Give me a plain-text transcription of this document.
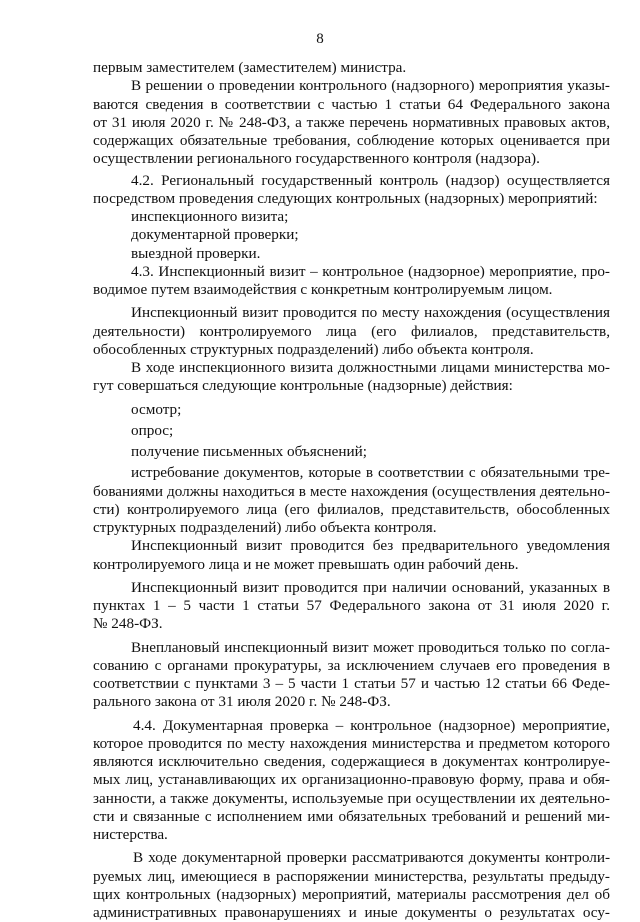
8
первым заместителем (заместителем) министра.
В решении о проведении контрольного (надзорного) мероприятия указы-
ваются сведения в соответствии с частью 1 статьи 64 Федерального закона
от 31 июля 2020 г. № 248-ФЗ, а также перечень нормативных правовых актов,
содержащих обязательные требования, соблюдение которых оценивается при
осуществлении регионального государственного контроля (надзора).
4.2. Региональный государственный контроль (надзор) осуществляется
посредством проведения следующих контрольных (надзорных) мероприятий:
инспекционного визита;
документарной проверки;
выездной проверки.
4.3. Инспекционный визит – контрольное (надзорное) мероприятие, про-
водимое путем взаимодействия с конкретным контролируемым лицом.
Инспекционный визит проводится по месту нахождения (осуществления
деятельности) контролируемого лица (его филиалов, представительств,
обособленных структурных подразделений) либо объекта контроля.
В ходе инспекционного визита должностными лицами министерства мо-
гут совершаться следующие контрольные (надзорные) действия:
осмотр;
опрос;
получение письменных объяснений;
истребование документов, которые в соответствии с обязательными тре-
бованиями должны находиться в месте нахождения (осуществления деятельно-
сти) контролируемого лица (его филиалов, представительств, обособленных
структурных подразделений) либо объекта контроля.
Инспекционный визит проводится без предварительного уведомления
контролируемого лица и не может превышать один рабочий день.
Инспекционный визит проводится при наличии оснований, указанных в
пунктах 1 – 5 части 1 статьи 57 Федерального закона от 31 июля 2020 г.
№ 248-ФЗ.
Внеплановый инспекционный визит может проводиться только по согла-
сованию с органами прокуратуры, за исключением случаев его проведения в
соответствии с пунктами 3 – 5 части 1 статьи 57 и частью 12 статьи 66 Феде-
рального закона от 31 июля 2020 г. № 248-ФЗ.
4.4. Документарная проверка – контрольное (надзорное) мероприятие,
которое проводится по месту нахождения министерства и предметом которого
являются исключительно сведения, содержащиеся в документах контролируе-
мых лиц, устанавливающих их организационно-правовую форму, права и обя-
занности, а также документы, используемые при осуществлении их деятельно-
сти и связанные с исполнением ими обязательных требований и решений ми-
нистерства.
В ходе документарной проверки рассматриваются документы контроли-
руемых лиц, имеющиеся в распоряжении министерства, результаты предыду-
щих контрольных (надзорных) мероприятий, материалы рассмотрения дел об
административных правонарушениях и иные документы о результатах осу-
